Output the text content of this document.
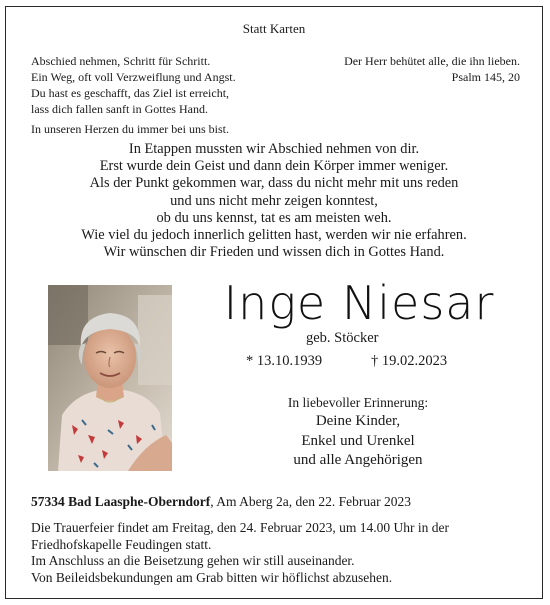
Statt Karten
Abschied nehmen, Schritt für Schritt.
Ein Weg, oft voll Verzweiflung und Angst.
Du hast es geschafft, das Ziel ist erreicht,
lass dich fallen sanft in Gottes Hand.
In unseren Herzen du immer bei uns bist.
Der Herr behütet alle, die ihn lieben.
Psalm 145, 20
In Etappen mussten wir Abschied nehmen von dir.
Erst wurde dein Geist und dann dein Körper immer weniger.
Als der Punkt gekommen war, dass du nicht mehr mit uns reden
und uns nicht mehr zeigen konntest,
ob du uns kennst, tat es am meisten weh.
Wie viel du jedoch innerlich gelitten hast, werden wir nie erfahren.
Wir wünschen dir Frieden und wissen dich in Gottes Hand.
Inge Niesar
geb. Stöcker
* 13.10.1939	† 19.02.2023
In liebevoller Erinnerung:
Deine Kinder,
Enkel und Urenkel
und alle Angehörigen
57334 Bad Laasphe-Oberndorf, Am Aberg 2a, den 22. Februar 2023
Die Trauerfeier findet am Freitag, den 24. Februar 2023, um 14.00 Uhr in der
Friedhofskapelle Feudingen statt.
Im Anschluss an die Beisetzung gehen wir still auseinander.
Von Beileidsbekundungen am Grab bitten wir höflichst abzusehen.
